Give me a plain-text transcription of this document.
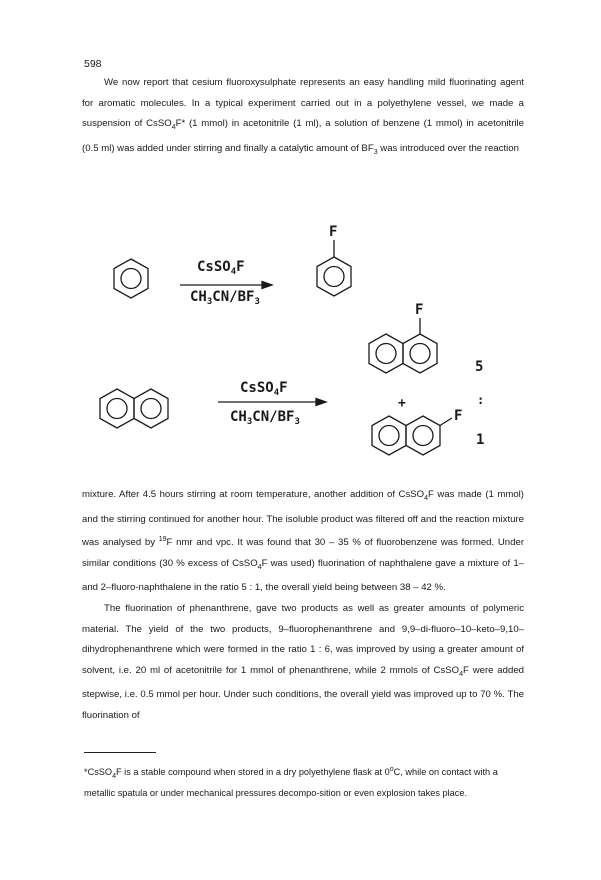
598

We now report that cesium fluoroxysulphate represents an easy handling mild fluorinating agent for aromatic molecules. In a typical experiment carried out in a polyethylene vessel, we made a suspension of CsSO$_4$F* (1 mmol) in acetonitrile (1 ml), a solution of benzene (1 mmol) in acetonitrile (0.5 ml) was added under stirring and finally a catalytic amount of $BF_3$ was introduced over the reaction

CsSO$_4$F
$CH_3CN/BF_3$
F
CsSO$_4$F
$CH_3CN/BF_3$
F
F
+
5
:
1

mixture. After 4.5 hours stirring at room temperature, another addition of CsSO$_4$F was made (1 mmol) and the stirring continued for another hour. The isoluble product was filtered off and the reaction mixture was analysed by $^{19}$F nmr and vpc. It was found that 30 – 35 % of fluorobenzene was formed. Under similar conditions (30 % excess of CsSO$_4$F was used) fluorination of naphthalene gave a mixture of 1– and 2–fluoro-naphthalene in the ratio 5 : 1, the overall yield being between 38 – 42 %.

The fluorination of phenanthrene, gave two products as well as greater amounts of polymeric material. The yield of the two products, 9–fluorophenanthrene and 9,9–di-fluoro–10–keto–9,10–dihydrophenanthrene which were formed in the ratio 1 : 6, was improved by using a greater amount of solvent, i.e. 20 ml of acetonitrile for 1 mmol of phenanthrene, while 2 mmols of CsSO$_4$F were added stepwise, i.e. 0.5 mmol per hour. Under such conditions, the overall yield was improved up to 70 %. The fluorination of

*CsSO$_4$F is a stable compound when stored in a dry polyethylene flask at 0$^o$C, while on contact with a metallic spatula or under mechanical pressures decompo-sition or even explosion takes place.
